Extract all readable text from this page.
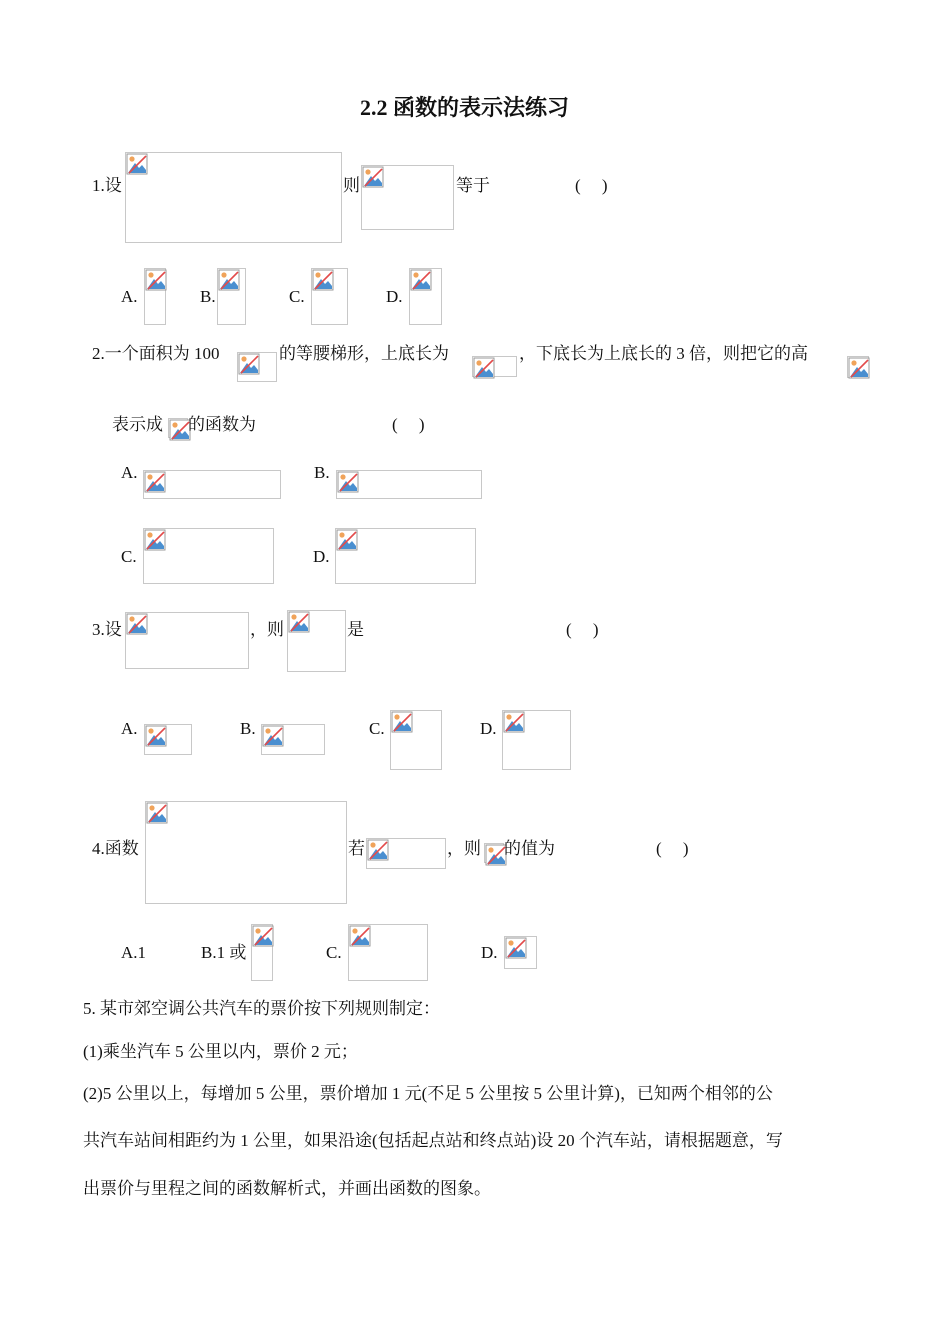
2.2 函数的表示法练习
1.设	则	等于	(　 )
A.	B.	C.	D.
2.一个面积为 100	的等腰梯形，上底长为	，下底长为上底长的 3 倍，则把它的高
表示成 的函数为	(　 )
A.	B.
C.	D.
3.设	，则	是	(　 )
A.	B.	C.	D.
4.函数	若	，则 的值为	(　 )
A.1	B.1 或	C.	D.
5. 某市郊空调公共汽车的票价按下列规则制定：
(1)乘坐汽车 5 公里以内，票价 2 元；
(2)5 公里以上，每增加 5 公里，票价增加 1 元(不足 5 公里按 5 公里计算)，已知两个相邻的公
共汽车站间相距约为 1 公里，如果沿途(包括起点站和终点站)设 20 个汽车站，请根据题意，写
出票价与里程之间的函数解析式，并画出函数的图象。
